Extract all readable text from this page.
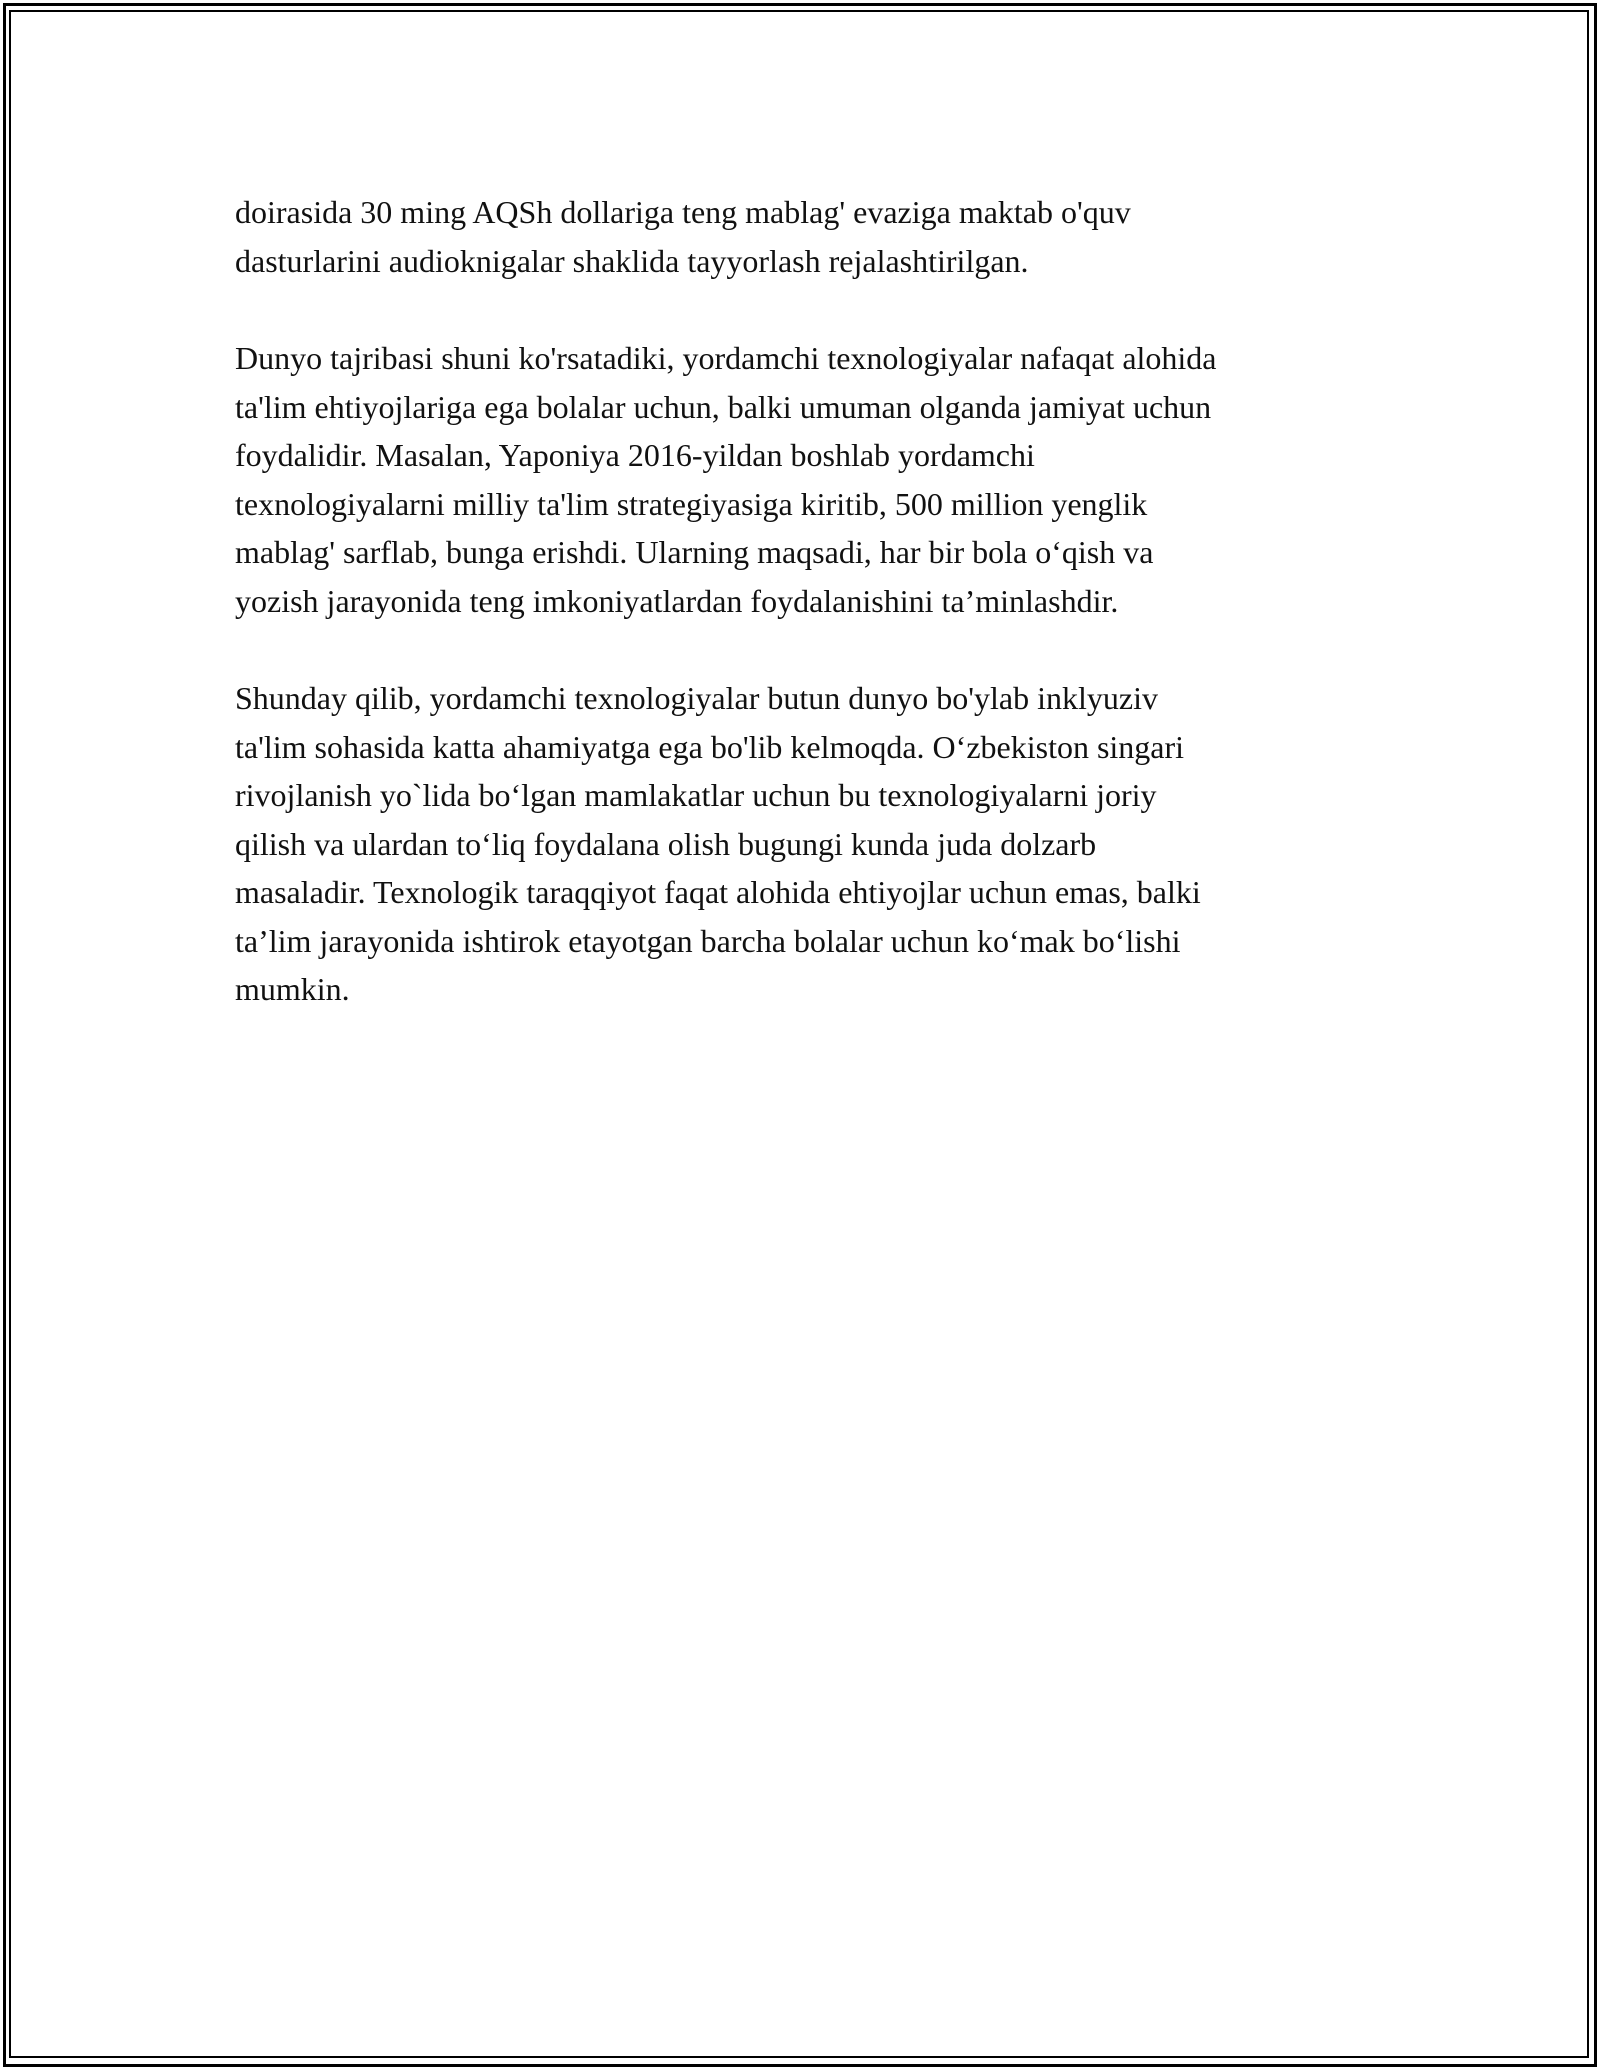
doirasida 30 ming AQSh dollariga teng mablag' evaziga maktab o'quv
dasturlarini audioknigalar shaklida tayyorlash rejalashtirilgan.

Dunyo tajribasi shuni ko'rsatadiki, yordamchi texnologiyalar nafaqat alohida
ta'lim ehtiyojlariga ega bolalar uchun, balki umuman olganda jamiyat uchun
foydalidir. Masalan, Yaponiya 2016-yildan boshlab yordamchi
texnologiyalarni milliy ta'lim strategiyasiga kiritib, 500 million yenglik
mablag' sarflab, bunga erishdi. Ularning maqsadi, har bir bola o‘qish va
yozish jarayonida teng imkoniyatlardan foydalanishini ta’minlashdir.

Shunday qilib, yordamchi texnologiyalar butun dunyo bo'ylab inklyuziv
ta'lim sohasida katta ahamiyatga ega bo'lib kelmoqda. O‘zbekiston singari
rivojlanish yo`lida bo‘lgan mamlakatlar uchun bu texnologiyalarni joriy
qilish va ulardan to‘liq foydalana olish bugungi kunda juda dolzarb
masaladir. Texnologik taraqqiyot faqat alohida ehtiyojlar uchun emas, balki
ta’lim jarayonida ishtirok etayotgan barcha bolalar uchun ko‘mak bo‘lishi
mumkin.
